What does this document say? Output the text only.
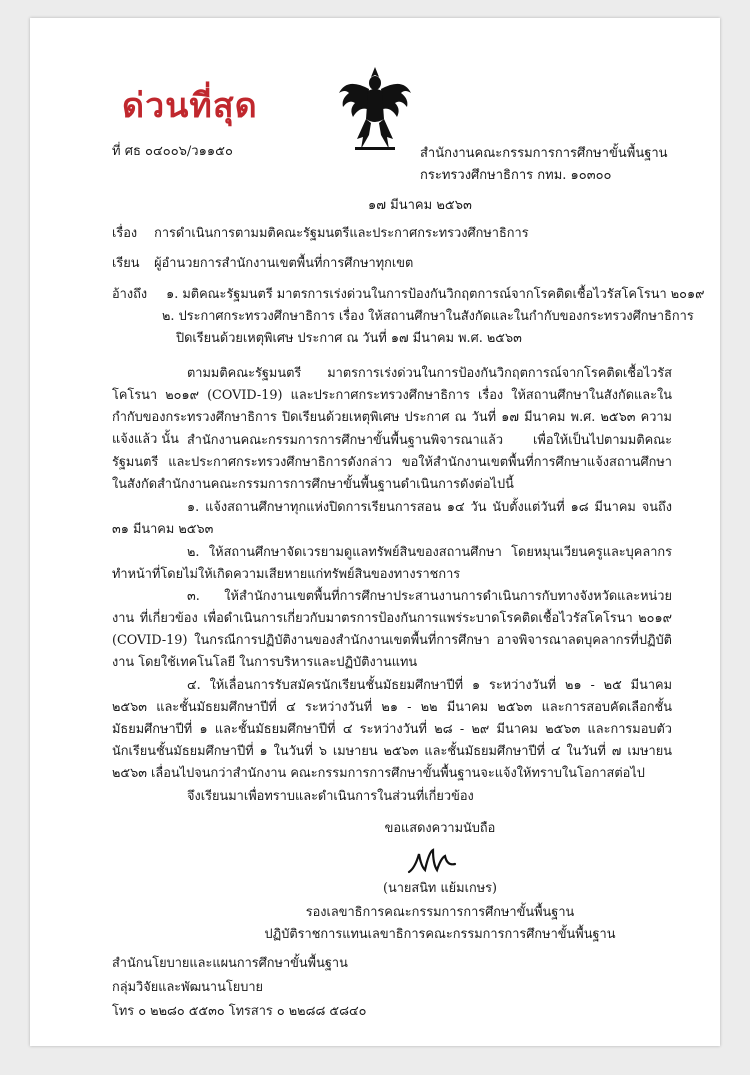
ด่วนที่สุด
ที่ ศธ ๐๔๐๐๖/ว๑๑๕๐	สำนักงานคณะกรรมการการศึกษาขั้นพื้นฐาน
กระทรวงศึกษาธิการ กทม. ๑๐๓๐๐
๑๗ มีนาคม ๒๕๖๓
เรื่อง การดำเนินการตามมติคณะรัฐมนตรีและประกาศกระทรวงศึกษาธิการ
เรียน ผู้อำนวยการสำนักงานเขตพื้นที่การศึกษาทุกเขต
อ้างถึง ๑. มติคณะรัฐมนตรี มาตรการเร่งด่วนในการป้องกันวิกฤตการณ์จากโรคติดเชื้อไวรัสโคโรนา ๒๐๑๙
๒. ประกาศกระทรวงศึกษาธิการ เรื่อง ให้สถานศึกษาในสังกัดและในกำกับของกระทรวงศึกษาธิการ
ปิดเรียนด้วยเหตุพิเศษ ประกาศ ณ วันที่ ๑๗ มีนาคม พ.ศ. ๒๕๖๓
ตามมติคณะรัฐมนตรี มาตรการเร่งด่วนในการป้องกันวิกฤตการณ์จากโรคติดเชื้อไวรัสโคโรนา ๒๐๑๙ (COVID-19) และประกาศกระทรวงศึกษาธิการ เรื่อง ให้สถานศึกษาในสังกัดและในกำกับของกระทรวงศึกษาธิการ ปิดเรียนด้วยเหตุพิเศษ ประกาศ ณ วันที่ ๑๗ มีนาคม พ.ศ. ๒๕๖๓ ความแจ้งแล้ว นั้น สำนักงานคณะกรรมการการศึกษาขั้นพื้นฐานพิจารณาแล้ว เพื่อให้เป็นไปตามมติคณะรัฐมนตรี และประกาศกระทรวงศึกษาธิการดังกล่าว ขอให้สำนักงานเขตพื้นที่การศึกษาแจ้งสถานศึกษาในสังกัดสำนักงานคณะกรรมการการศึกษาขั้นพื้นฐานดำเนินการดังต่อไปนี้
๑. แจ้งสถานศึกษาทุกแห่งปิดการเรียนการสอน ๑๔ วัน นับตั้งแต่วันที่ ๑๘ มีนาคม จนถึง ๓๑ มีนาคม ๒๕๖๓
๒. ให้สถานศึกษาจัดเวรยามดูแลทรัพย์สินของสถานศึกษา โดยหมุนเวียนครูและบุคลากร ทำหน้าที่โดยไม่ให้เกิดความเสียหายแก่ทรัพย์สินของทางราชการ
๓. ให้สำนักงานเขตพื้นที่การศึกษาประสานงานการดำเนินการกับทางจังหวัดและหน่วยงาน ที่เกี่ยวข้อง เพื่อดำเนินการเกี่ยวกับมาตรการป้องกันการแพร่ระบาดโรคติดเชื้อไวรัสโคโรนา ๒๐๑๙ (COVID-19) ในกรณีการปฏิบัติงานของสำนักงานเขตพื้นที่การศึกษา อาจพิจารณาลดบุคลากรที่ปฏิบัติงาน โดยใช้เทคโนโลยี ในการบริหารและปฏิบัติงานแทน
๔. ให้เลื่อนการรับสมัครนักเรียนชั้นมัธยมศึกษาปีที่ ๑ ระหว่างวันที่ ๒๑ - ๒๕ มีนาคม ๒๕๖๓ และชั้นมัธยมศึกษาปีที่ ๔ ระหว่างวันที่ ๒๑ - ๒๒ มีนาคม ๒๕๖๓ และการสอบคัดเลือกชั้นมัธยมศึกษาปีที่ ๑ และชั้นมัธยมศึกษาปีที่ ๔ ระหว่างวันที่ ๒๘ - ๒๙ มีนาคม ๒๕๖๓ และการมอบตัวนักเรียนชั้นมัธยมศึกษาปีที่ ๑ ในวันที่ ๖ เมษายน ๒๕๖๓ และชั้นมัธยมศึกษาปีที่ ๔ ในวันที่ ๗ เมษายน ๒๕๖๓ เลื่อนไปจนกว่าสำนักงาน คณะกรรมการการศึกษาขั้นพื้นฐานจะแจ้งให้ทราบในโอกาสต่อไป
จึงเรียนมาเพื่อทราบและดำเนินการในส่วนที่เกี่ยวข้อง
ขอแสดงความนับถือ
(นายสนิท แย้มเกษร)
รองเลขาธิการคณะกรรมการการศึกษาขั้นพื้นฐาน
ปฏิบัติราชการแทนเลขาธิการคณะกรรมการการศึกษาขั้นพื้นฐาน
สำนักนโยบายและแผนการศึกษาขั้นพื้นฐาน
กลุ่มวิจัยและพัฒนานโยบาย
โทร ๐ ๒๒๘๐ ๕๕๓๐ โทรสาร ๐ ๒๒๘๘ ๕๘๔๐
